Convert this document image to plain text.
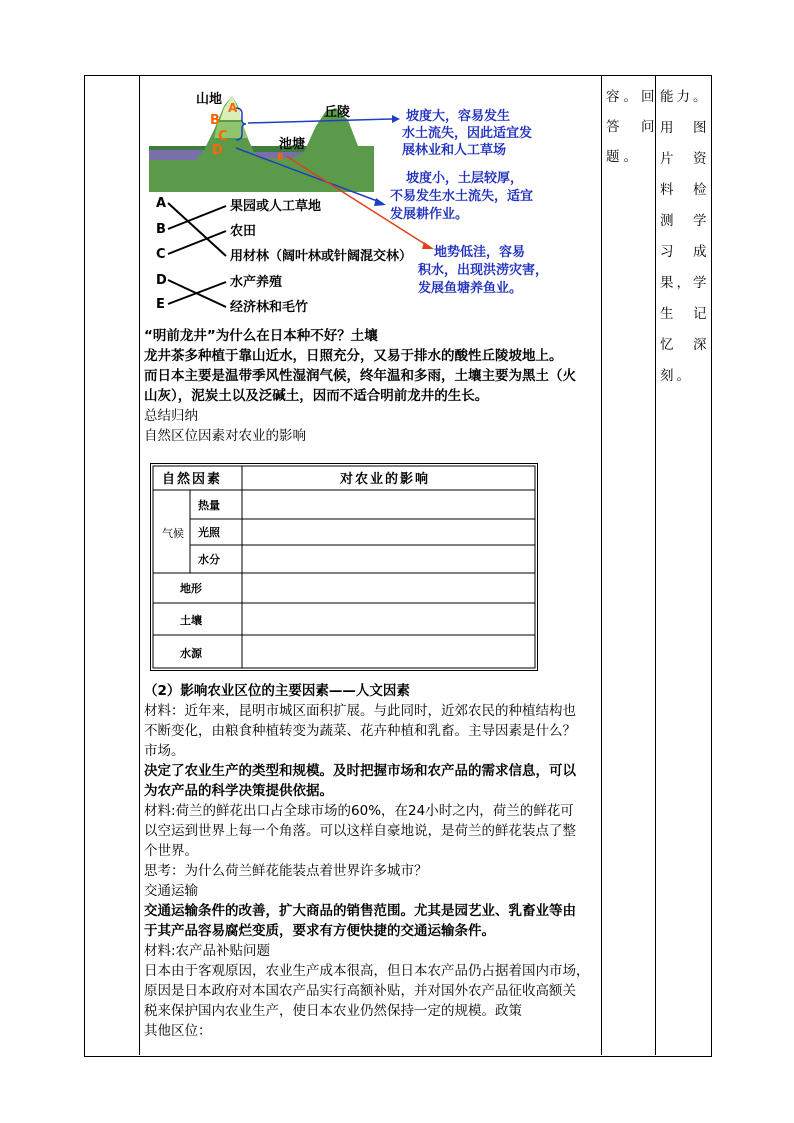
山地
丘陵
池塘
A
B
C
D	E
坡度大，容易发生
水土流失，因此适宜发
展林业和人工草场
坡度小，土层较厚，
不易发生水土流失，适宜
发展耕作业。
地势低洼，容易
积水，出现洪涝灾害，
发展鱼塘养鱼业。
A
B
C
D
E
果园或人工草地
农田
用材林（阔叶林或针阔混交林）
水产养殖
经济林和毛竹

“明前龙井”为什么在日本种不好？土壤

龙井茶多种植于靠山近水，日照充分，又易于排水的酸性丘陵坡地上。

而日本主要是温带季风性湿润气候，终年温和多雨，土壤主要为黑土（火

山灰），泥炭土以及泛碱土，因而不适合明前龙井的生长。

总结归纳

自然区位因素对农业的影响

自然因素	对农业的影响
气候
热量
光照
水分
地形
土壤
水源

（2）影响农业区位的主要因素——人文因素

材料：近年来，昆明市城区面积扩展。与此同时，近郊农民的种植结构也

不断变化，由粮食种植转变为蔬菜、花卉种植和乳畜。主导因素是什么？

市场。

决定了农业生产的类型和规模。及时把握市场和农产品的需求信息，可以

为农产品的科学决策提供依据。

材料:荷兰的鲜花出口占全球市场的60%，在24小时之内，荷兰的鲜花可

以空运到世界上每一个角落。可以这样自豪地说，是荷兰的鲜花装点了整

个世界。

思考：为什么荷兰鲜花能装点着世界许多城市？

交通运输

交通运输条件的改善，扩大商品的销售范围。尤其是园艺业、乳畜业等由

于其产品容易腐烂变质，要求有方便快捷的交通运输条件。

材料:农产品补贴问题

日本由于客观原因，农业生产成本很高，但日本农产品仍占据着国内市场，

原因是日本政府对本国农产品实行高额补贴，并对国外农产品征收高额关

税来保护国内农业生产，使日本农业仍然保持一定的规模。政策

其他区位：

容。回
答　问
题。
能力。
用　图
片　资
料　检
测　学
习　成
果，学
生　记
忆　深
刻。
